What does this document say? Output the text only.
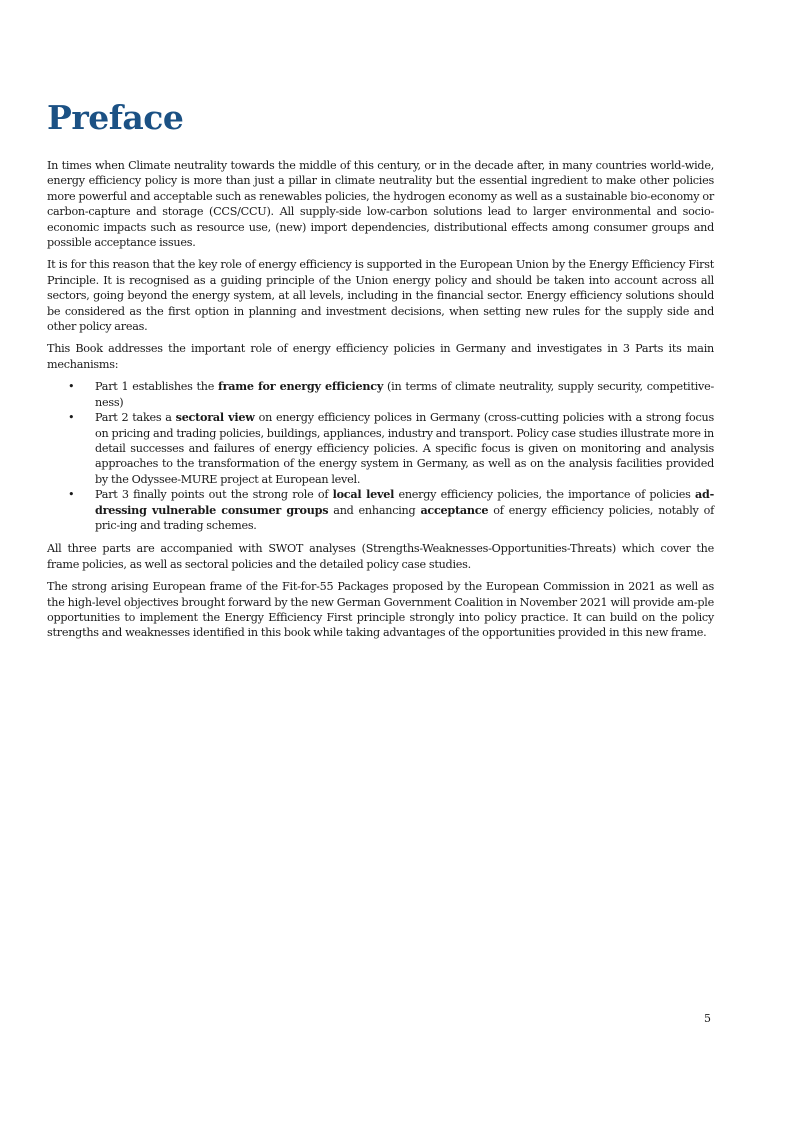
Preface

In times when Climate neutrality towards the middle of this century, or in the decade after, in many countries world-wide, energy efficiency policy is more than just a pillar in climate neutrality but the essential ingredient to make other policies more powerful and acceptable such as renewables policies, the hydrogen economy as well as a sustainable bio-economy or carbon-capture and storage (CCS/CCU). All supply-side low-carbon solutions lead to larger environmental and socio-economic impacts such as resource use, (new) import dependencies, distributional effects among consumer groups and possible acceptance issues.

It is for this reason that the key role of energy efficiency is supported in the European Union by the Energy Efficiency First Principle. It is recognised as a guiding principle of the Union energy policy and should be taken into account across all sectors, going beyond the energy system, at all levels, including in the financial sector. Energy efficiency solutions should be considered as the first option in planning and investment decisions, when setting new rules for the supply side and other policy areas.

This Book addresses the important role of energy efficiency policies in Germany and investigates in 3 Parts its main mechanisms:

• Part 1 establishes the frame for energy efficiency (in terms of climate neutrality, supply security, competitive-ness)
• Part 2 takes a sectoral view on energy efficiency polices in Germany (cross-cutting policies with a strong focus on pricing and trading policies, buildings, appliances, industry and transport. Policy case studies illustrate more in detail successes and failures of energy efficiency policies. A specific focus is given on monitoring and analysis approaches to the transformation of the energy system in Germany, as well as on the analysis facilities provided by the Odyssee-MURE project at European level.
• Part 3 finally points out the strong role of local level energy efficiency policies, the importance of policies ad-dressing vulnerable consumer groups and enhancing acceptance of energy efficiency policies, notably of pric-ing and trading schemes.

All three parts are accompanied with SWOT analyses (Strengths-Weaknesses-Opportunities-Threats) which cover the frame policies, as well as sectoral policies and the detailed policy case studies.

The strong arising European frame of the Fit-for-55 Packages proposed by the European Commission in 2021 as well as the high-level objectives brought forward by the new German Government Coalition in November 2021 will provide am-ple opportunities to implement the Energy Efficiency First principle strongly into policy practice. It can build on the policy strengths and weaknesses identified in this book while taking advantages of the opportunities provided in this new frame.

5
